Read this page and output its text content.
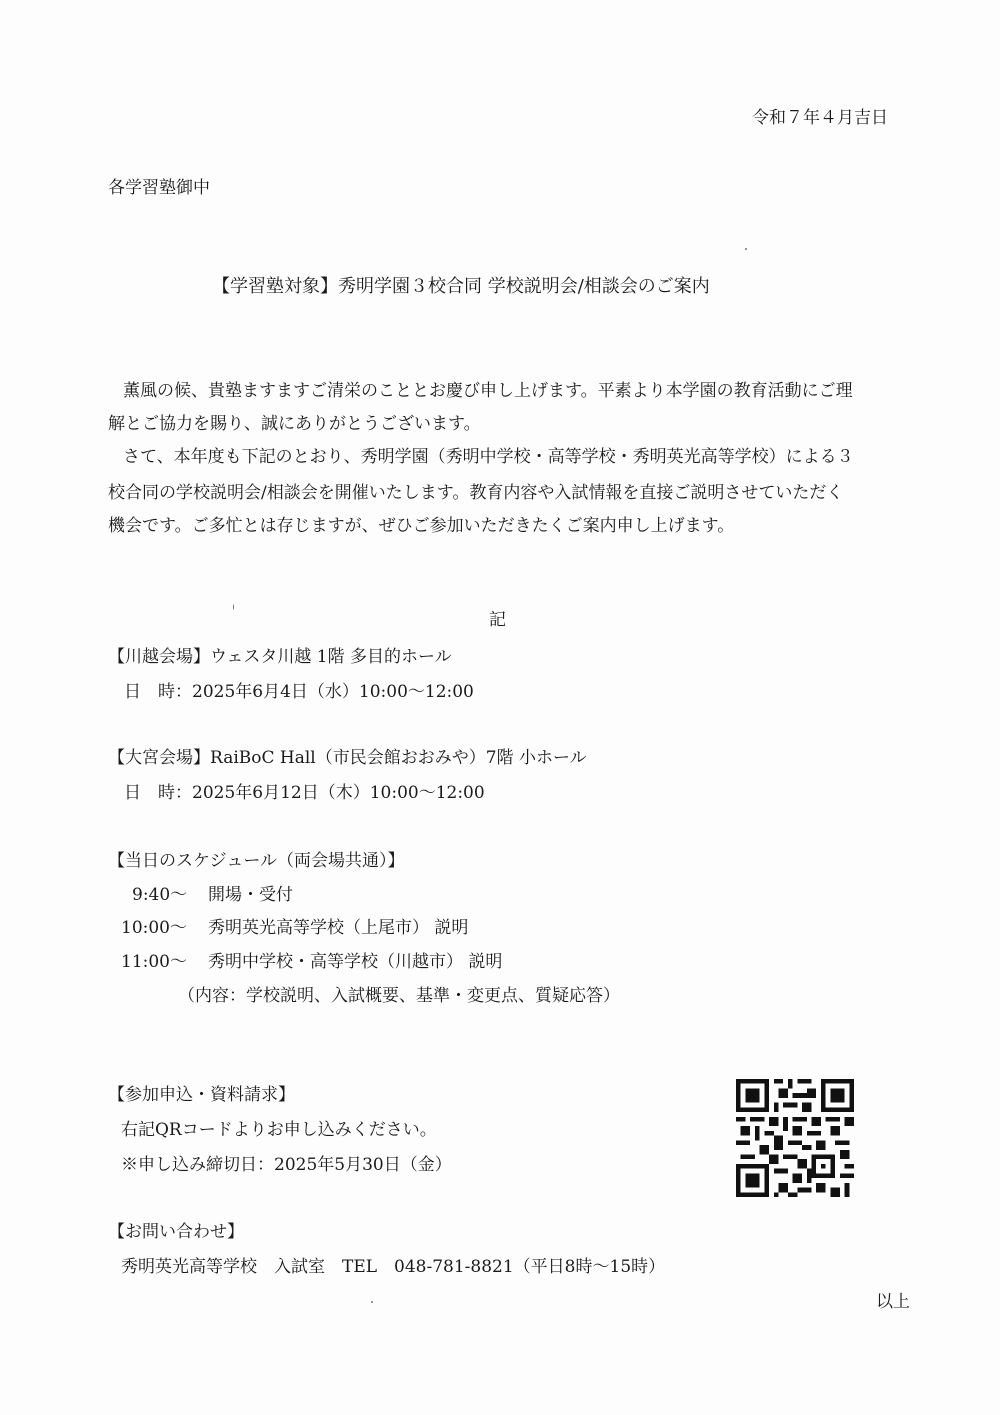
令和７年４月吉日
各学習塾御中
【学習塾対象】秀明学園３校合同 学校説明会/相談会のご案内
薫風の候、貴塾ますますご清栄のこととお慶び申し上げます。平素より本学園の教育活動にご理
解とご協力を賜り、誠にありがとうございます。
さて、本年度も下記のとおり、秀明学園（秀明中学校・高等学校・秀明英光高等学校）による３
校合同の学校説明会/相談会を開催いたします。教育内容や入試情報を直接ご説明させていただく
機会です。ご多忙とは存じますが、ぜひご参加いただきたくご案内申し上げます。
記
【川越会場】ウェスタ川越 1階 多目的ホール
日　時：2025年6月4日（水）10:00～12:00
【大宮会場】RaiBoC Hall（市民会館おおみや）7階 小ホール
日　時：2025年6月12日（木）10:00～12:00
【当日のスケジュール（両会場共通）】
9:40～ 開場・受付
10:00～ 秀明英光高等学校（上尾市） 説明
11:00～ 秀明中学校・高等学校（川越市） 説明
（内容：学校説明、入試概要、基準・変更点、質疑応答）
【参加申込・資料請求】
右記QRコードよりお申し込みください。
※申し込み締切日：2025年5月30日（金）
【お問い合わせ】
秀明英光高等学校　入試室　TEL　048-781-8821（平日8時～15時）
以上
